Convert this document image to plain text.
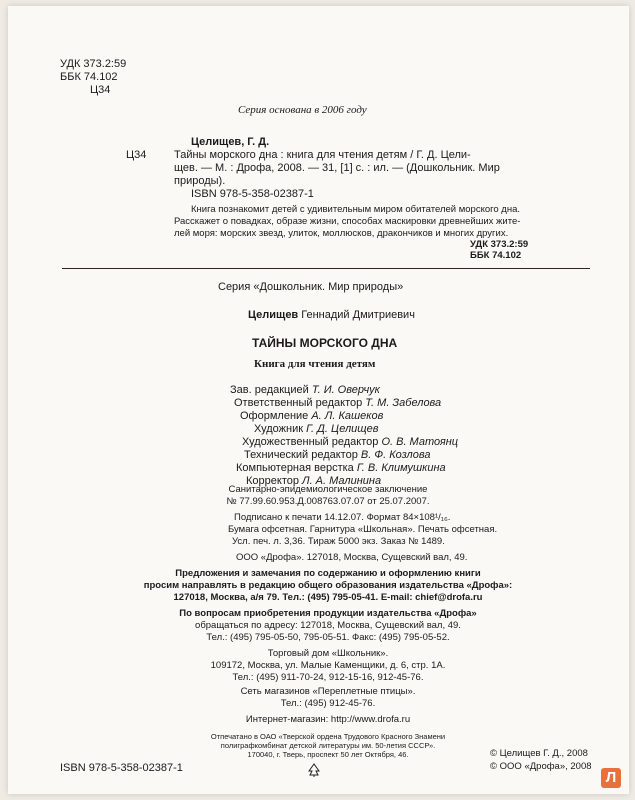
УДК 373.2:59
ББК 74.102
Ц34
Серия основана в 2006 году
Целищев, Г. Д.
Ц34	Тайны морского дна : книга для чтения детям / Г. Д. Цели-
щев. — М. : Дрофа, 2008. — 31, [1] с. : ил. — (Дошкольник. Мир
природы).
ISBN 978-5-358-02387-1
Книга познакомит детей с удивительным миром обитателей морского дна.
Расскажет о повадках, образе жизни, способах маскировки древнейших жите-
лей моря: морских звезд, улиток, моллюсков, дракончиков и многих других.
УДК 373.2:59
ББК 74.102
Серия «Дошкольник. Мир природы»
Целищев Геннадий Дмитриевич
ТАЙНЫ МОРСКОГО ДНА
Книга для чтения детям
Зав. редакцией Т. И. Оверчук
Ответственный редактор Т. М. Забелова
Оформление А. Л. Кашеков
Художник Г. Д. Целищев
Художественный редактор О. В. Матоянц
Технический редактор В. Ф. Козлова
Компьютерная верстка Г. В. Климушкина
Корректор Л. А. Малинина
Санитарно-эпидемиологическое заключение
№ 77.99.60.953.Д.008763.07.07 от 25.07.2007.
Подписано к печати 14.12.07. Формат 84×108¹/₁₆.
Бумага офсетная. Гарнитура «Школьная». Печать офсетная.
Усл. печ. л. 3,36. Тираж 5000 экз. Заказ № 1489.
ООО «Дрофа». 127018, Москва, Сущевский вал, 49.
Предложения и замечания по содержанию и оформлению книги
просим направлять в редакцию общего образования издательства «Дрофа»:
127018, Москва, а/я 79. Тел.: (495) 795-05-41. E-mail: chief@drofa.ru
По вопросам приобретения продукции издательства «Дрофа»
обращаться по адресу: 127018, Москва, Сущевский вал, 49.
Тел.: (495) 795-05-50, 795-05-51. Факс: (495) 795-05-52.
Торговый дом «Школьник».
109172, Москва, ул. Малые Каменщики, д. 6, стр. 1А.
Тел.: (495) 911-70-24, 912-15-16, 912-45-76.
Сеть магазинов «Переплетные птицы».
Тел.: (495) 912-45-76.
Интернет-магазин: http://www.drofa.ru
Отпечатано в ОАО «Тверской ордена Трудового Красного Знамени
полиграфкомбинат детской литературы им. 50-летия СССР».
170040, г. Тверь, проспект 50 лет Октября, 46.
ISBN 978-5-358-02387-1
© Целищев Г. Д., 2008
© ООО «Дрофа», 2008
Л
